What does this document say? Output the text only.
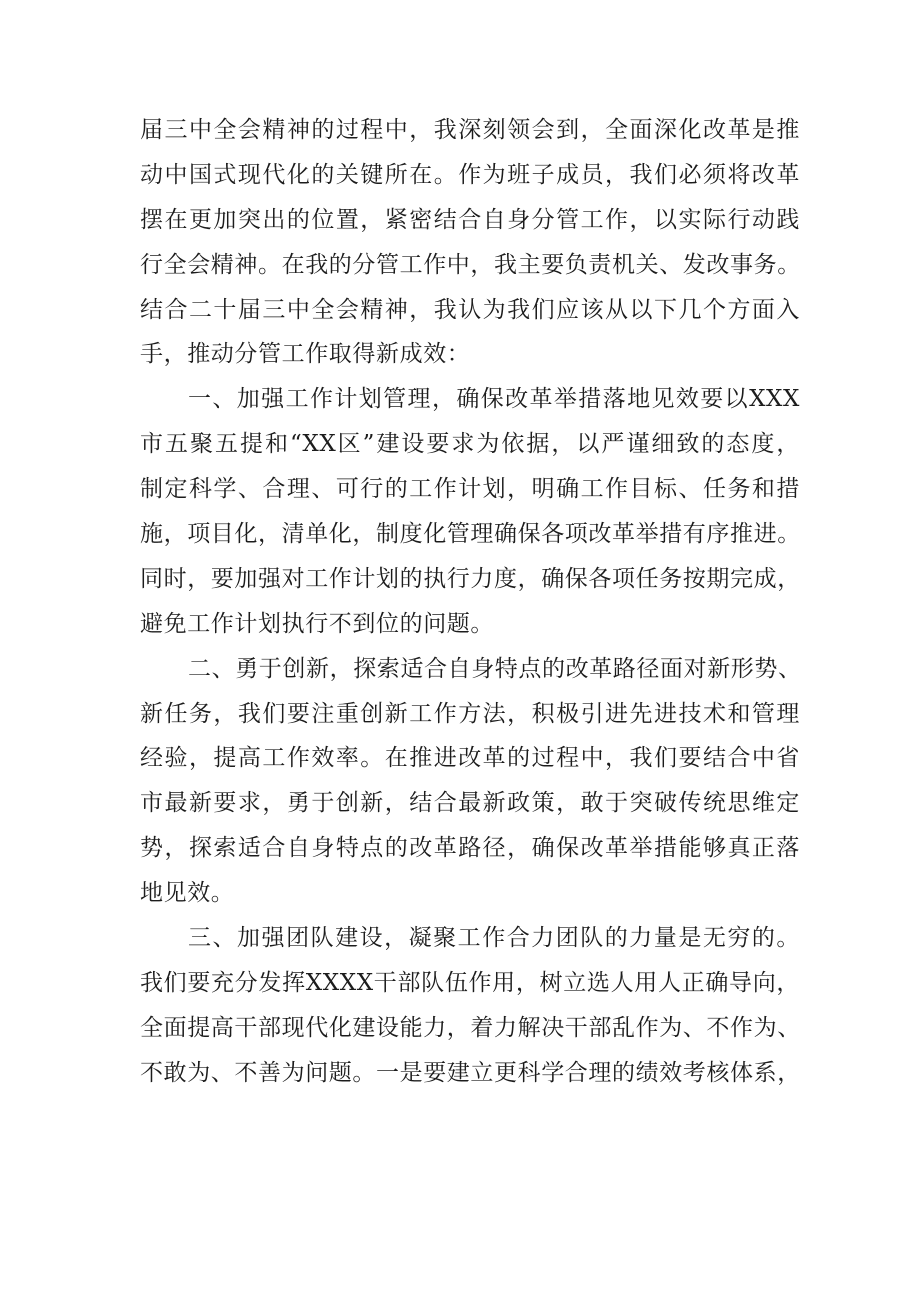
届三中全会精神的过程中，我深刻领会到，全面深化改革是推
动中国式现代化的关键所在。作为班子成员，我们必须将改革
摆在更加突出的位置，紧密结合自身分管工作，以实际行动践
行全会精神。在我的分管工作中，我主要负责机关、发改事务。
结合二十届三中全会精神，我认为我们应该从以下几个方面入
手，推动分管工作取得新成效：
一、加强工作计划管理，确保改革举措落地见效要以XXX
市五聚五提和“XX区”建设要求为依据，以严谨细致的态度，
制定科学、合理、可行的工作计划，明确工作目标、任务和措
施，项目化，清单化，制度化管理确保各项改革举措有序推进。
同时，要加强对工作计划的执行力度，确保各项任务按期完成，
避免工作计划执行不到位的问题。
二、勇于创新，探索适合自身特点的改革路径面对新形势、
新任务，我们要注重创新工作方法，积极引进先进技术和管理
经验，提高工作效率。在推进改革的过程中，我们要结合中省
市最新要求，勇于创新，结合最新政策，敢于突破传统思维定
势，探索适合自身特点的改革路径，确保改革举措能够真正落
地见效。
三、加强团队建设，凝聚工作合力团队的力量是无穷的。
我们要充分发挥XXXX干部队伍作用，树立选人用人正确导向，
全面提高干部现代化建设能力，着力解决干部乱作为、不作为、
不敢为、不善为问题。一是要建立更科学合理的绩效考核体系，
